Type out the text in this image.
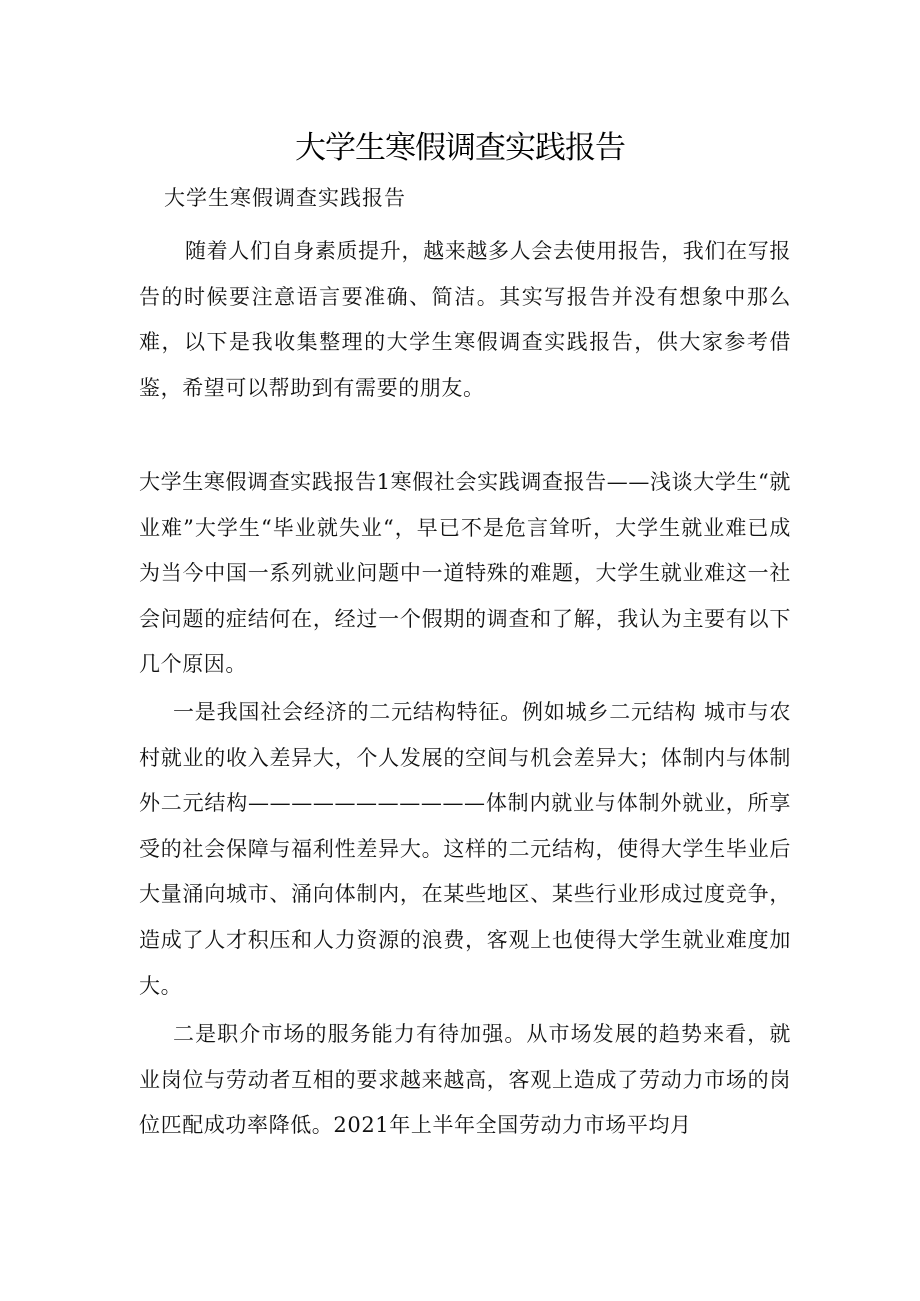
大学生寒假调查实践报告

大学生寒假调查实践报告

随着人们自身素质提升，越来越多人会去使用报告，我们在写报告的时候要注意语言要准确、简洁。其实写报告并没有想象中那么难，以下是我收集整理的大学生寒假调查实践报告，供大家参考借鉴，希望可以帮助到有需要的朋友。

大学生寒假调查实践报告1寒假社会实践调查报告——浅谈大学生“就业难”大学生“毕业就失业“，早已不是危言耸听，大学生就业难已成为当今中国一系列就业问题中一道特殊的难题，大学生就业难这一社会问题的症结何在，经过一个假期的调查和了解，我认为主要有以下几个原因。

一是我国社会经济的二元结构特征。例如城乡二元结构 城市与农村就业的收入差异大，个人发展的空间与机会差异大；体制内与体制外二元结构———————————体制内就业与体制外就业，所享受的社会保障与福利性差异大。这样的二元结构，使得大学生毕业后大量涌向城市、涌向体制内，在某些地区、某些行业形成过度竞争，造成了人才积压和人力资源的浪费，客观上也使得大学生就业难度加大。

二是职介市场的服务能力有待加强。从市场发展的趋势来看，就业岗位与劳动者互相的要求越来越高，客观上造成了劳动力市场的岗位匹配成功率降低。2021年上半年全国劳动力市场平均月
